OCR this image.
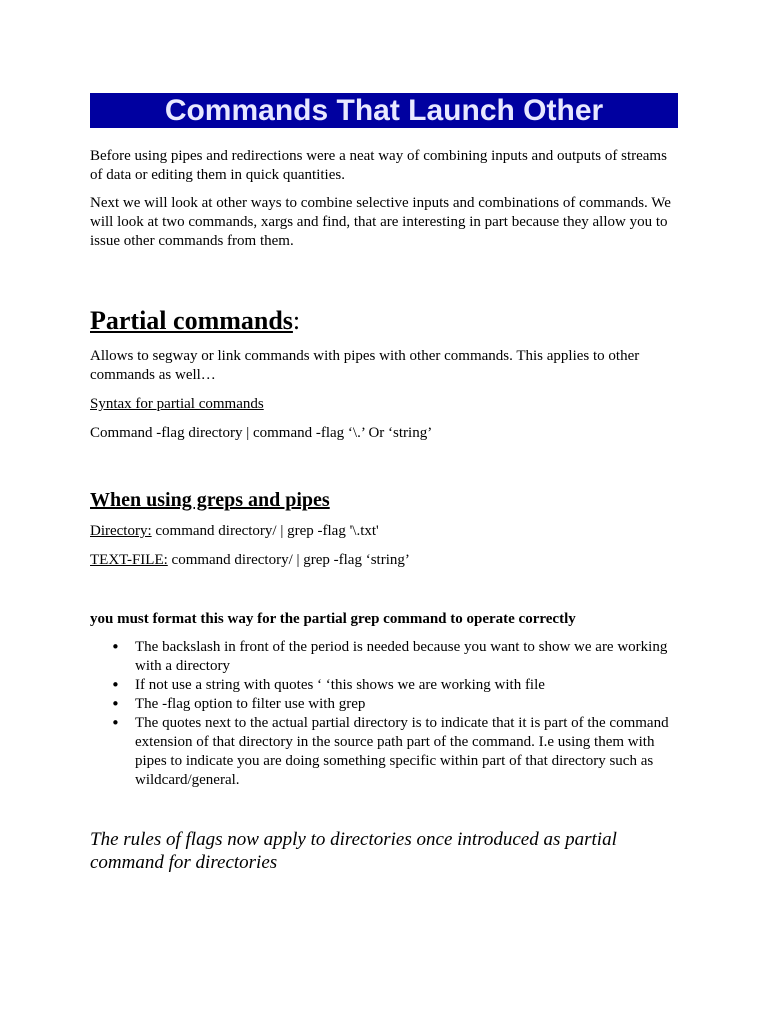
Commands That Launch Other

Before using pipes and redirections were a neat way of combining inputs and outputs of streams of data or editing them in quick quantities.

Next we will look at other ways to combine selective inputs and combinations of commands. We will look at two commands, xargs and find, that are interesting in part because they allow you to issue other commands from them.

Partial commands:

Allows to segway or link commands with pipes with other commands. This applies to other commands as well…

Syntax for partial commands

Command -flag directory | command -flag ‘\.’ Or ‘string’

When using greps and pipes

Directory: command directory/ | grep -flag '\.txt'

TEXT-FILE: command directory/ | grep -flag ‘string’

you must format this way for the partial grep command to operate correctly

• The backslash in front of the period is needed because you want to show we are working with a directory
• If not use a string with quotes ‘ ‘this shows we are working with file
• The -flag option to filter use with grep
• The quotes next to the actual partial directory is to indicate that it is part of the command extension of that directory in the source path part of the command. I.e using them with pipes to indicate you are doing something specific within part of that directory such as wildcard/general.

The rules of flags now apply to directories once introduced as partial command for directories
